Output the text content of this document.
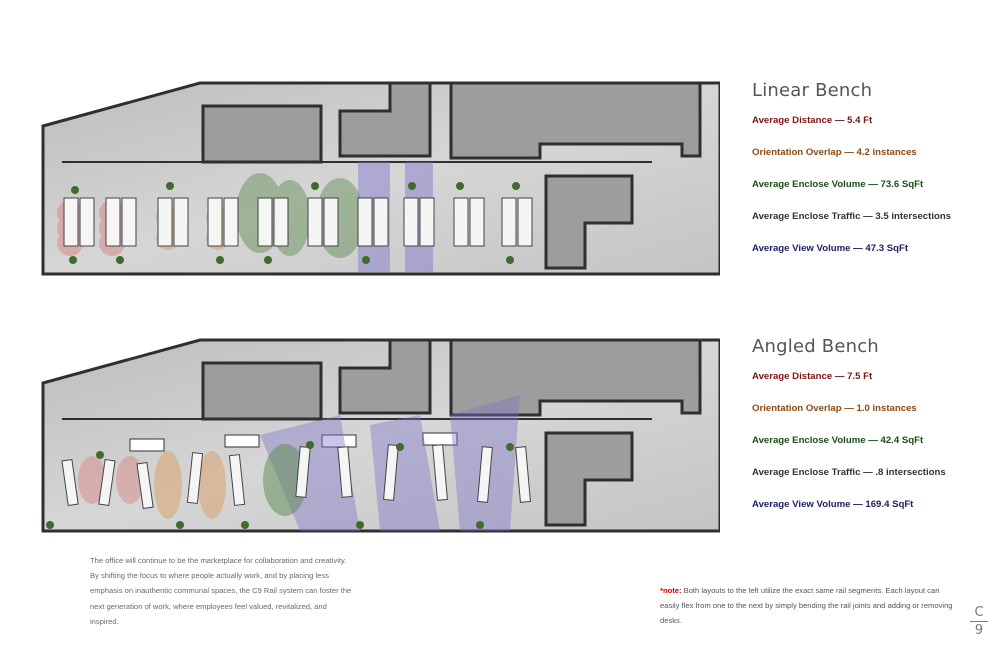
Linear Bench
Average Distance — 5.4 Ft
Orientation Overlap — 4.2 instances
Average Enclose Volume — 73.6 SqFt
Average Enclose Traffic — 3.5 intersections
Average View Volume — 47.3 SqFt
Angled Bench
Average Distance — 7.5 Ft
Orientation Overlap — 1.0 instances
Average Enclose Volume — 42.4 SqFt
Average Enclose Traffic — .8 intersections
Average View Volume — 169.4 SqFt

The office will continue to be the marketplace for collaboration and creativity. By shifting the focus to where people actually work, and by placing less emphasis on inauthentic communal spaces, the C9 Rail system can foster the next generation of work, where employees feel valued, revitalized, and inspired.

*note: Both layouts to the left utilize the exact same rail segments. Each layout can easily flex from one to the next by simply bending the rail joints and adding or removing desks.

C
9
